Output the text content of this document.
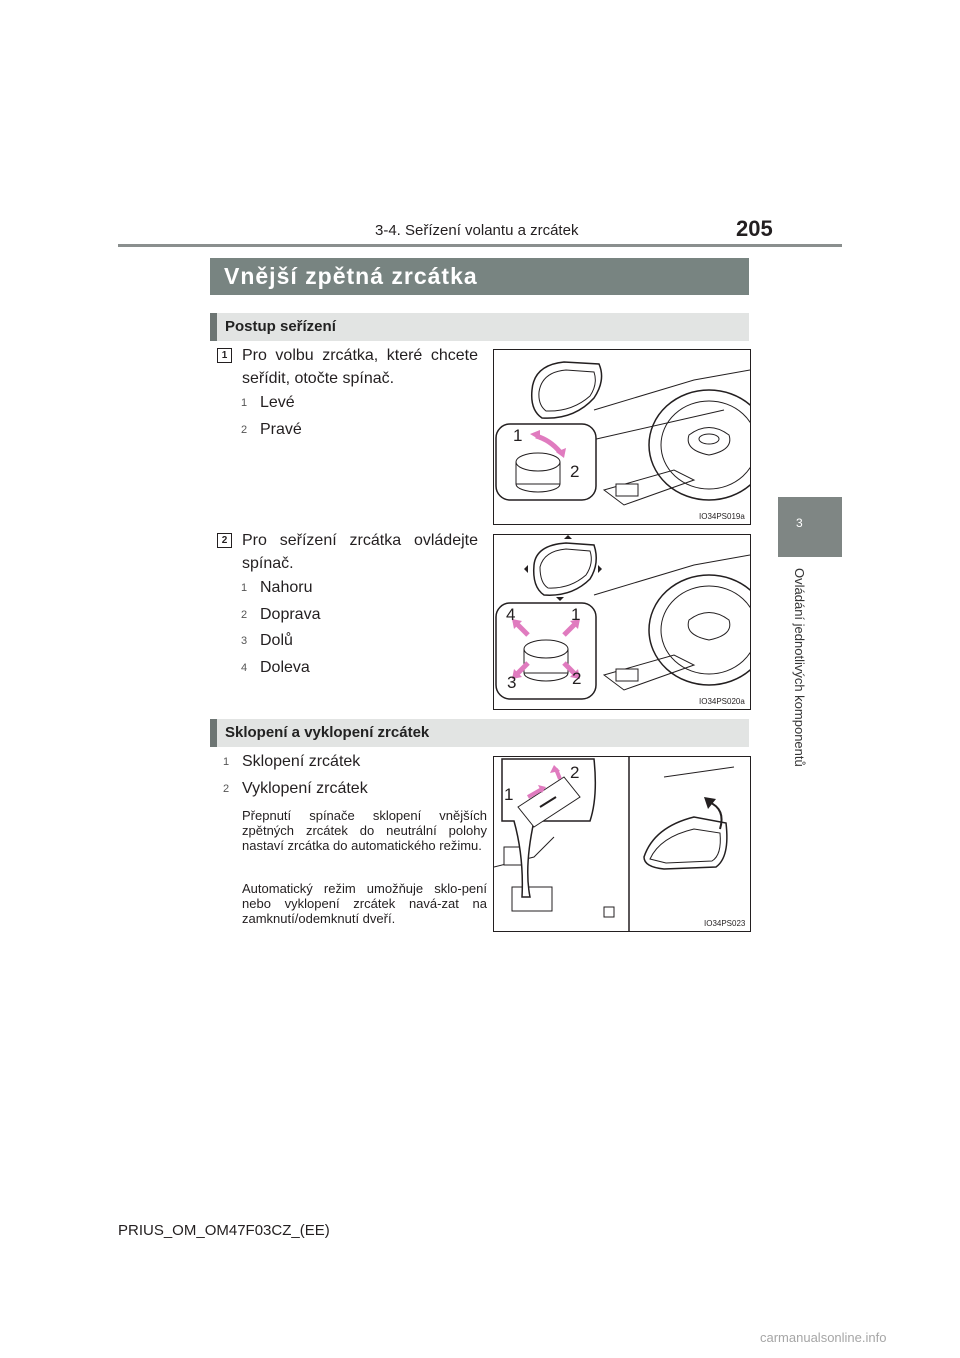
3-4. Seřízení volantu a zrcátek	205
3
Ovládání jednotlivých komponentů
Vnější zpětná zrcátka
Postup seřízení
1 Pro volbu zrcátka, které chcete seřídit, otočte spínač.
1 Levé
2 Pravé	1
2
IO34PS019a
2 Pro seřízení zrcátka ovládejte spínač.
1 Nahoru
2 Doprava
3 Dolů
4 Doleva
4	1
3	2
IO34PS020a
Sklopení a vyklopení zrcátek
1 Sklopení zrcátek
2 Vyklopení zrcátek
Přepnutí spínače sklopení vnějších zpětných zrcátek do neutrální polohy nastaví zrcátka do automatického režimu.
Automatický režim umožňuje sklo-pení nebo vyklopení zrcátek navá-zat na zamknutí/odemknutí dveří.
1
2
IO34PS023
PRIUS_OM_OM47F03CZ_(EE)
carmanualsonline.info
